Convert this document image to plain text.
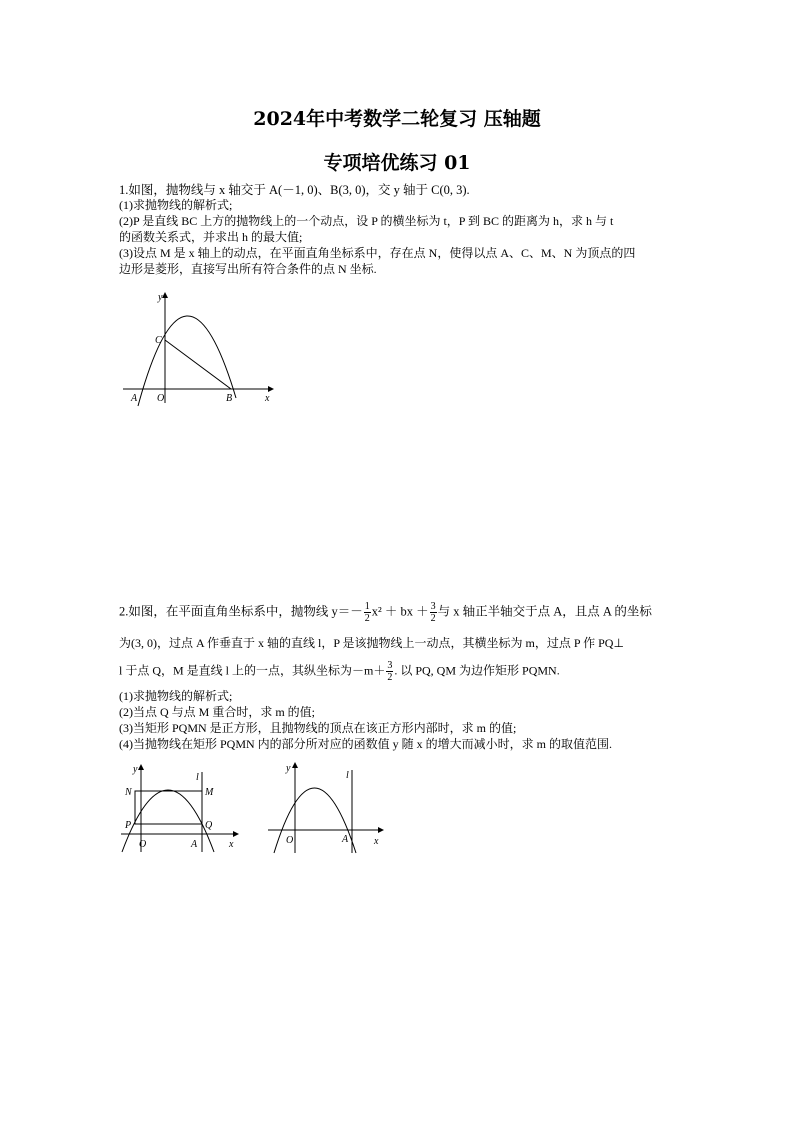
2024年中考数学二轮复习 压轴题
专项培优练习 01
1.如图，抛物线与 x 轴交于 A(－1, 0)、B(3, 0)，交 y 轴于 C(0, 3).
(1)求抛物线的解析式;
(2)P 是直线 BC 上方的抛物线上的一个动点，设 P 的横坐标为 t，P 到 BC 的距离为 h，求 h 与 t
的函数关系式，并求出 h 的最大值;
(3)设点 M 是 x 轴上的动点，在平面直角坐标系中，存在点 N，使得以点 A、C、M、N 为顶点的四
边形是菱形，直接写出所有符合条件的点 N 坐标.
y
x
C
A O	B
2.如图，在平面直角坐标系中，抛物线 $y=- \frac{1}{2} x^2$ ＋ bx ＋ $\frac{3}{2}$ 与 x 轴正半轴交于点 A，且点 A 的坐标
为(3, 0)，过点 A 作垂直于 x 轴的直线 l，P 是该抛物线上一动点，其横坐标为 m，过点 P 作 PQ⊥
l 于点 Q，M 是直线 l 上的一点，其纵坐标为$-m+ \frac{3}{2}$ . 以 PQ, QM 为边作矩形 PQMN.
(1)求抛物线的解析式;
(2)当点 Q 与点 M 重合时，求 m 的值;
(3)当矩形 PQMN 是正方形，且抛物线的顶点在该正方形内部时，求 m 的值;
(4)当抛物线在矩形 PQMN 内的部分所对应的函数值 y 随 x 的增大而减小时，求 m 的取值范围.
y
l
N	M
P	Q
O	A	x
y
l
O	A	x
